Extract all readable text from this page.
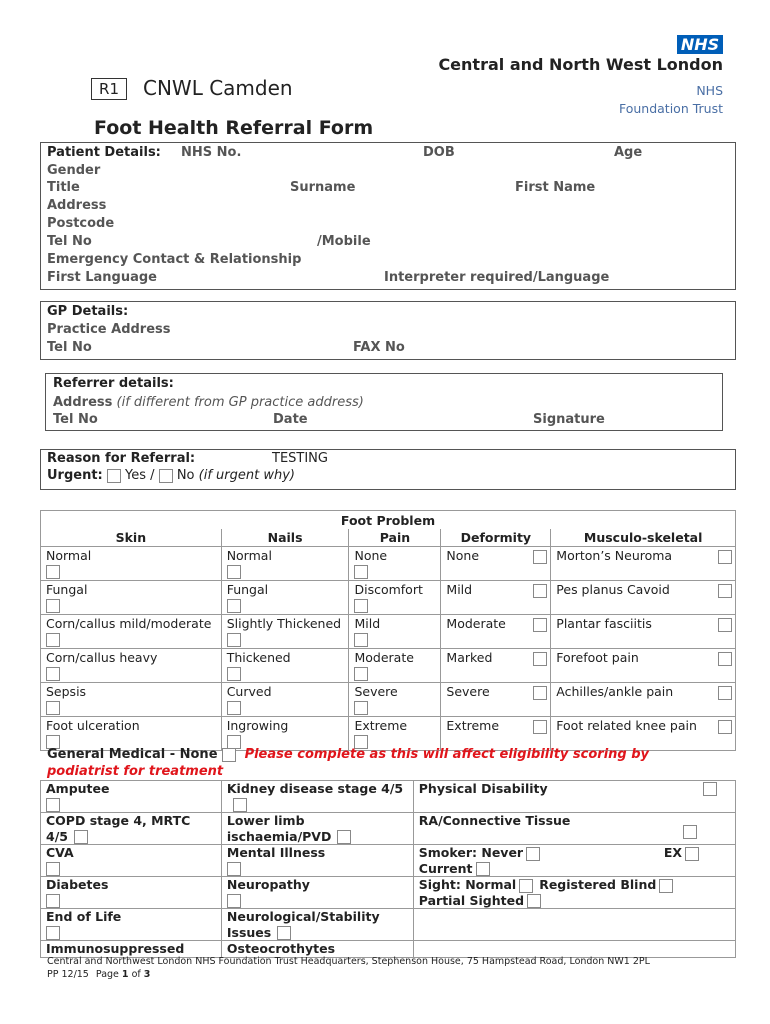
NHS
Central and North West London
NHS
Foundation Trust
R1	CNWL Camden
Foot Health Referral Form
Patient Details: NHS No.	DOB	Age
Gender
Title	Surname	First Name
Address
Postcode
Tel No	/Mobile
Emergency Contact & Relationship
First Language	Interpreter required/Language
GP Details:
Practice Address
Tel No	FAX No
Referrer details:
Address (if different from GP practice address)
Tel No	Date	Signature
Reason for Referral:	TESTING
Urgent: Yes / No (if urgent why)
Foot Problem				
Skin	Nails	Pain	Deformity	Musculo-skeletal
Normal	Normal	None	None	Morton’s Neuroma

Fungal	Fungal	Discomfort	Mild	Pes planus Cavoid

Corn/callus mild/moderate	Slightly Thickened	Mild	Moderate	Plantar fasciitis

Corn/callus heavy	Thickened	Moderate	Marked	Forefoot pain

Sepsis	Curved	Severe	Severe	Achilles/ankle pain

Foot ulceration	Ingrowing	Extreme	Extreme	Foot related knee pain
General Medical - None Please complete as this will affect eligibility scoring by
podiatrist for treatment
Amputee	Kidney disease stage 4/5	Physical Disability

COPD stage 4, MRTC 4/5	Lower limb ischaemia/PVD	RA/Connective Tissue

CVA	Mental Illness	Smoker: Never EX

Current
Diabetes	Neuropathy	Sight: Normal Registered Blind
Partial Sighted
End of Life	Neurological/Stability Issues	
Immunosuppressed	Osteocrothytes	
Central and Northwest London NHS Foundation Trust Headquarters, Stephenson House, 75 Hampstead Road, London NW1 2PL
PP 12/15 Page 1 of 3
